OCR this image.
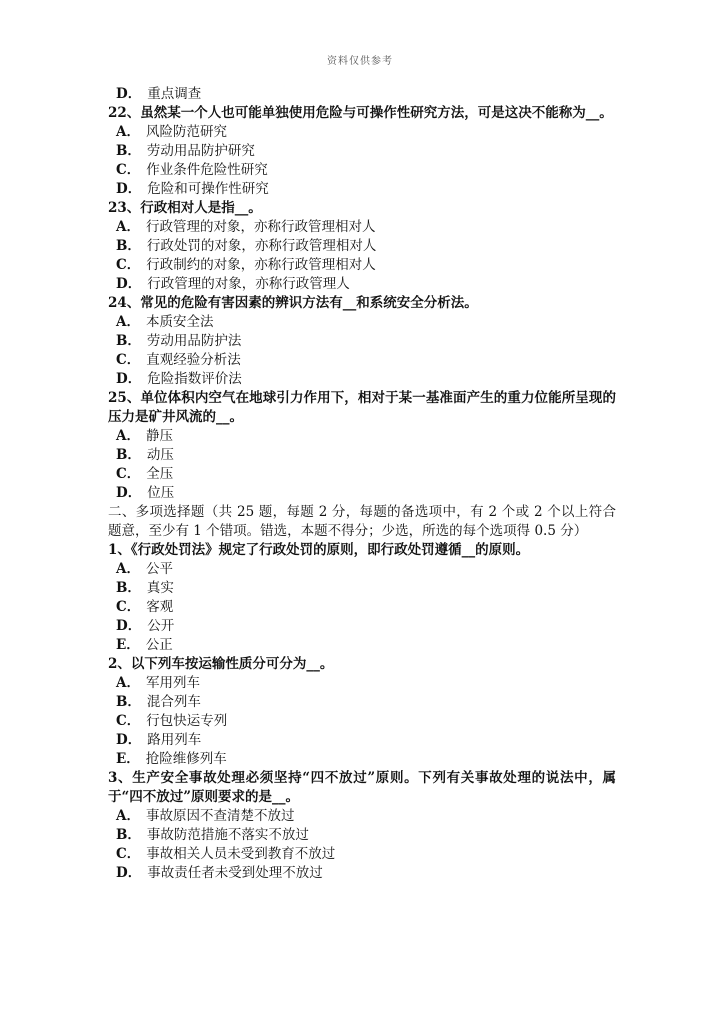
资料仅供参考
D． 重点调查
22、虽然某一个人也可能单独使用危险与可操作性研究方法，可是这决不能称为__。
A． 风险防范研究
B． 劳动用品防护研究
C． 作业条件危险性研究
D． 危险和可操作性研究
23、行政相对人是指__。
A． 行政管理的对象，亦称行政管理相对人
B． 行政处罚的对象，亦称行政管理相对人
C． 行政制约的对象，亦称行政管理相对人
D． 行政管理的对象，亦称行政管理人
24、常见的危险有害因素的辨识方法有__和系统安全分析法。
A． 本质安全法
B． 劳动用品防护法
C． 直观经验分析法
D． 危险指数评价法
25、单位体积内空气在地球引力作用下，相对于某一基准面产生的重力位能所呈现的压力是矿井风流的__。
A． 静压
B． 动压
C． 全压
D． 位压
二、多项选择题（共 25 题，每题 2 分，每题的备选项中，有 2 个或 2 个以上符合题意，至少有 1 个错项。错选，本题不得分；少选，所选的每个选项得 0.5 分）
1、《行政处罚法》规定了行政处罚的原则，即行政处罚遵循__的原则。
A． 公平
B． 真实
C． 客观
D． 公开
E． 公正
2、以下列车按运输性质分可分为__。
A． 军用列车
B． 混合列车
C． 行包快运专列
D． 路用列车
E． 抢险维修列车
3、生产安全事故处理必须坚持“四不放过”原则。下列有关事故处理的说法中，属于“四不放过”原则要求的是__。
A． 事故原因不查清楚不放过
B． 事故防范措施不落实不放过
C． 事故相关人员未受到教育不放过
D． 事故责任者未受到处理不放过
